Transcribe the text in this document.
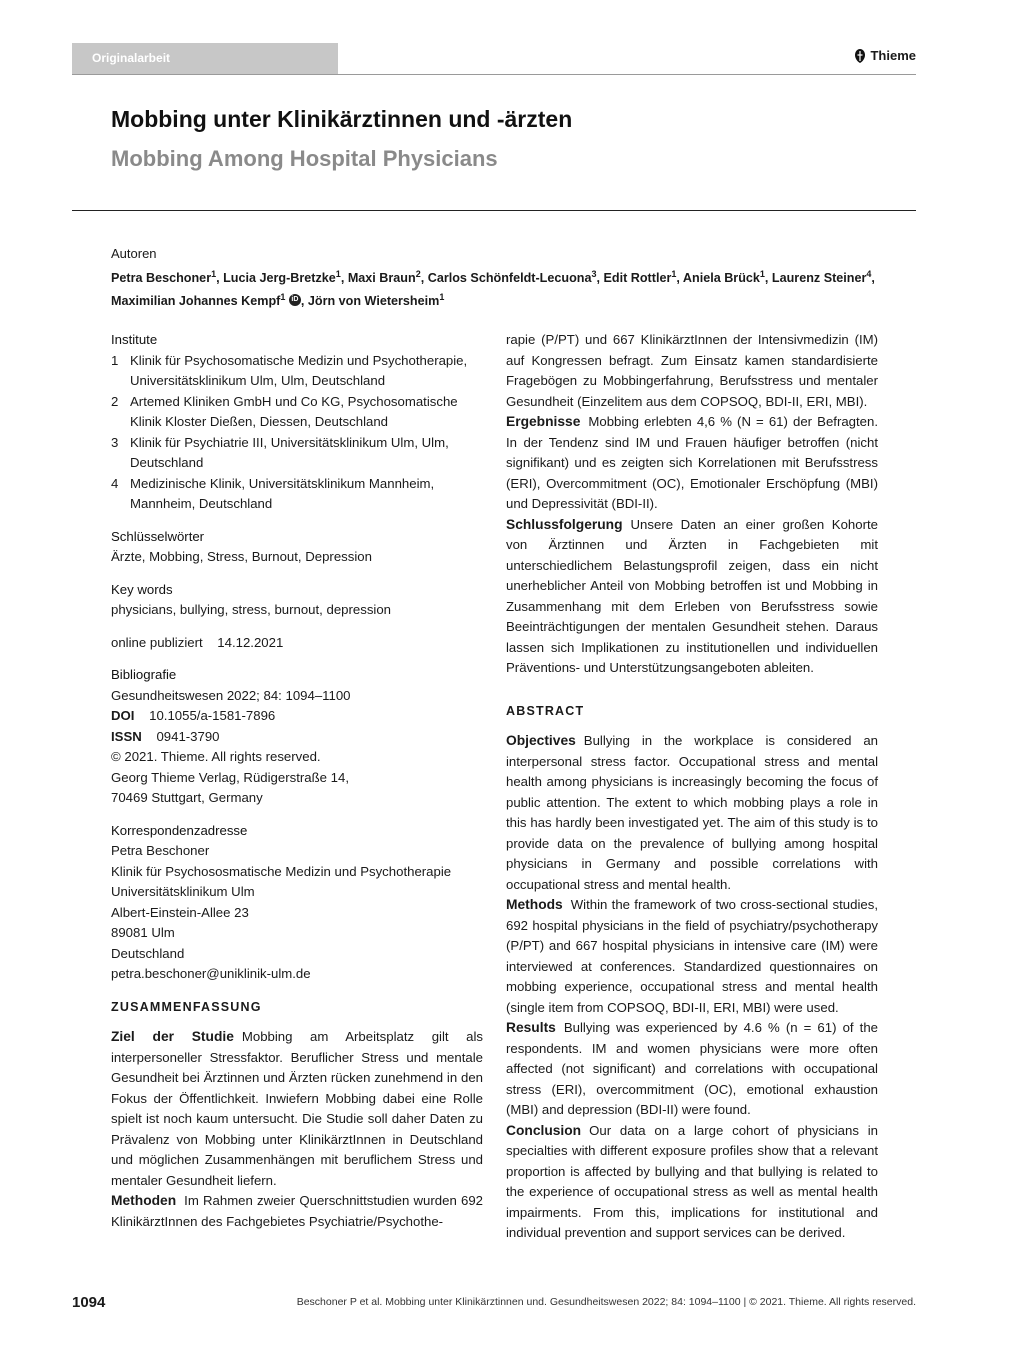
Originalarbeit	Thieme
Mobbing unter Klinikärztinnen und -ärzten
Mobbing Among Hospital Physicians
Autoren
Petra Beschoner$^1$, Lucia Jerg-Bretzke$^1$, Maxi Braun$^2$, Carlos Schönfeldt-Lecuona$^3$, Edit Rottler$^1$, Aniela Brück$^1$, Laurenz Steiner$^4$, Maximilian Johannes Kempf$^1$ iD , Jörn von Wietersheim$^1$
Institute
1 Klinik für Psychosomatische Medizin und Psychotherapie, Universitätsklinikum Ulm, Ulm, Deutschland
2 Artemed Kliniken GmbH und Co KG, Psychosomatische Klinik Kloster Dießen, Diessen, Deutschland
3 Klinik für Psychiatrie III, Universitätsklinikum Ulm, Ulm, Deutschland
4 Medizinische Klinik, Universitätsklinikum Mannheim, Mannheim, Deutschland
Schlüsselwörter
Ärzte, Mobbing, Stress, Burnout, Depression
Key words
physicians, bullying, stress, burnout, depression
online publiziert 14.12.2021
Bibliografie
Gesundheitswesen 2022; 84: 1094–1100
DOI 10.1055/a-1581-7896
ISSN 0941-3790
© 2021. Thieme. All rights reserved.
Georg Thieme Verlag, Rüdigerstraße 14,
70469 Stuttgart, Germany
Korrespondenzadresse
Petra Beschoner
Klinik für Psychososmatische Medizin und Psychotherapie
Universitätsklinikum Ulm
Albert-Einstein-Allee 23
89081 Ulm
Deutschland
petra.beschoner@uniklinik-ulm.de
ZUSAMMENFASSUNG

Ziel der Studie Mobbing am Arbeitsplatz gilt als interpersoneller Stressfaktor. Beruflicher Stress und mentale Gesundheit bei Ärztinnen und Ärzten rücken zunehmend in den Fokus der Öffentlichkeit. Inwiefern Mobbing dabei eine Rolle spielt ist noch kaum untersucht. Die Studie soll daher Daten zu Prävalenz von Mobbing unter KlinikärztInnen in Deutschland und möglichen Zusammenhängen mit beruflichem Stress und mentaler Gesundheit liefern.

Methoden Im Rahmen zweier Querschnittstudien wurden 692 KlinikärztInnen des Fachgebietes Psychiatrie/Psychothe-

rapie (P/PT) und 667 KlinikärztInnen der Intensivmedizin (IM) auf Kongressen befragt. Zum Einsatz kamen standardisierte Fragebögen zu Mobbingerfahrung, Berufsstress und mentaler Gesundheit (Einzelitem aus dem COPSOQ, BDI-II, ERI, MBI).

Ergebnisse Mobbing erlebten 4,6 % (N = 61) der Befragten. In der Tendenz sind IM und Frauen häufiger betroffen (nicht signifikant) und es zeigten sich Korrelationen mit Berufsstress (ERI), Overcommitment (OC), Emotionaler Erschöpfung (MBI) und Depressivität (BDI-II).

Schlussfolgerung Unsere Daten an einer großen Kohorte von Ärztinnen und Ärzten in Fachgebieten mit unterschiedlichem Belastungsprofil zeigen, dass ein nicht unerheblicher Anteil von Mobbing betroffen ist und Mobbing in Zusammenhang mit dem Erleben von Berufsstress sowie Beeinträchtigungen der mentalen Gesundheit stehen. Daraus lassen sich Implikationen zu institutionellen und individuellen Präventions- und Unterstützungsangeboten ableiten.

ABSTRACT

Objectives Bullying in the workplace is considered an interpersonal stress factor. Occupational stress and mental health among physicians is increasingly becoming the focus of public attention. The extent to which mobbing plays a role in this has hardly been investigated yet. The aim of this study is to provide data on the prevalence of bullying among hospital physicians in Germany and possible correlations with occupational stress and mental health.

Methods Within the framework of two cross-sectional studies, 692 hospital physicians in the field of psychiatry/psychotherapy (P/PT) and 667 hospital physicians in intensive care (IM) were interviewed at conferences. Standardized questionnaires on mobbing experience, occupational stress and mental health (single item from COPSOQ, BDI-II, ERI, MBI) were used.

Results Bullying was experienced by 4.6 % (n = 61) of the respondents. IM and women physicians were more often affected (not significant) and correlations with occupational stress (ERI), overcommitment (OC), emotional exhaustion (MBI) and depression (BDI-II) were found.

Conclusion Our data on a large cohort of physicians in specialties with different exposure profiles show that a relevant proportion is affected by bullying and that bullying is related to the experience of occupational stress as well as mental health impairments. From this, implications for institutional and individual prevention and support services can be derived.

1094	Beschoner P et al. Mobbing unter Klinikärztinnen und. Gesundheitswesen 2022; 84: 1094–1100 | © 2021. Thieme. All rights reserved.
